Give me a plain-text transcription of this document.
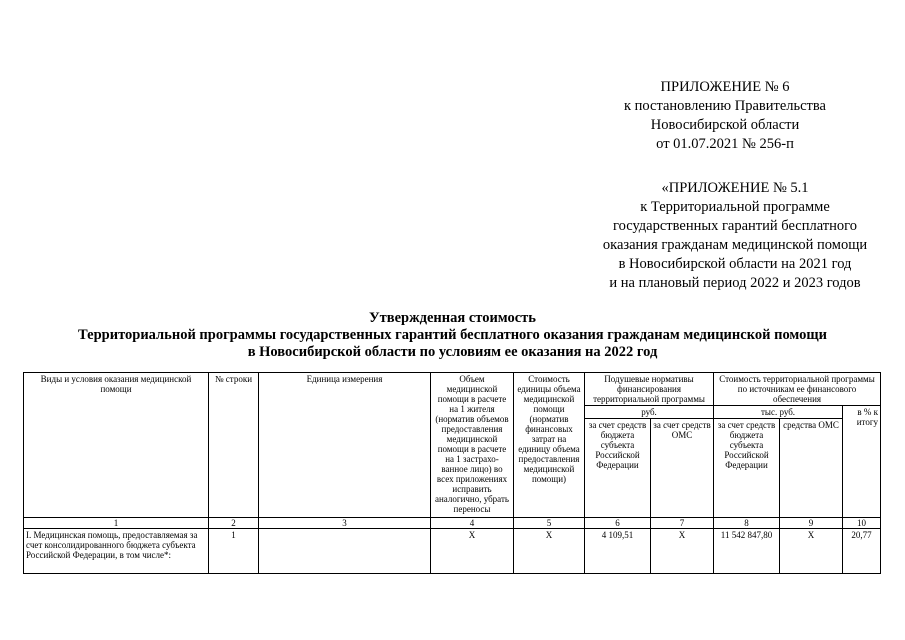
ПРИЛОЖЕНИЕ № 6
к постановлению Правительства
Новосибирской области
от 01.07.2021 № 256-п
«ПРИЛОЖЕНИЕ № 5.1
к Территориальной программе
государственных гарантий бесплатного
оказания гражданам медицинской помощи
в Новосибирской области на 2021 год
и на плановый период 2022 и 2023 годов
Утвержденная стоимость
Территориальной программы государственных гарантий бесплатного оказания гражданам медицинской помощи
в Новосибирской области по условиям ее оказания на 2022 год
Виды и условия оказания медицинской помощи	№ строки	Единица измерения	Объем медицинской помощи в расчете на 1 жителя (норматив объемов предоставления медицинской помощи в расчете на 1 застрахо-ванное лицо) во всех приложениях исправить аналогично, убрать переносы	Стоимость единицы объема медицинской помощи (норматив финансовых затрат на единицу объема предоставления медицинской помощи)	Подушевые нормативы финансирования территориальной программы		Стоимость территориальной программы по источникам ее финансового обеспечения		
					руб.		тыс. руб.		в % к итогу
					за счет средств бюджета субъекта Российской Федерации	за счет средств ОМС	за счет средств бюджета субъекта Российской Федерации	средства ОМС	
1	2	3	4	5	6	7	8	9	10
I. Медицинская помощь, предоставляемая за счет консолидированного бюджета субъекта Российской Федерации, в том числе*:	1		Х	Х	4 109,51	Х	11 542 847,80	Х	20,77
